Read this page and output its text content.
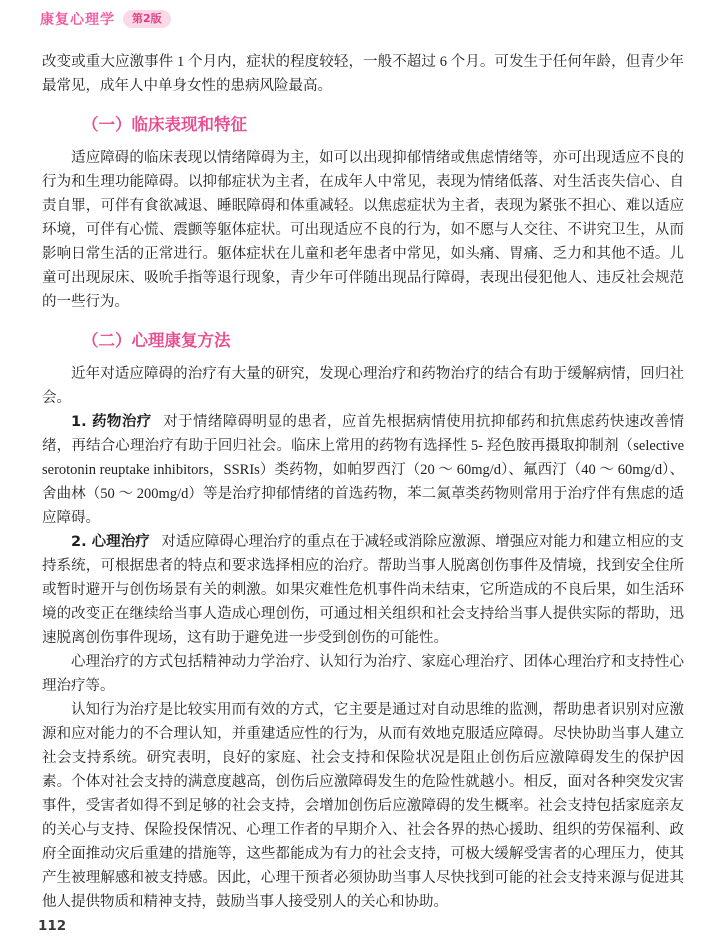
康复心理学	第2版

改变或重大应激事件 1 个月内，症状的程度较轻，一般不超过 6 个月。可发生于任何年龄，但青少年最常见，成年人中单身女性的患病风险最高。

（一）临床表现和特征

适应障碍的临床表现以情绪障碍为主，如可以出现抑郁情绪或焦虑情绪等，亦可出现适应不良的行为和生理功能障碍。以抑郁症状为主者，在成年人中常见，表现为情绪低落、对生活丧失信心、自责自罪，可伴有食欲减退、睡眠障碍和体重减轻。以焦虑症状为主者，表现为紧张不担心、难以适应环境，可伴有心慌、震颤等躯体症状。可出现适应不良的行为，如不愿与人交往、不讲究卫生，从而影响日常生活的正常进行。躯体症状在儿童和老年患者中常见，如头痛、胃痛、乏力和其他不适。儿童可出现尿床、吸吮手指等退行现象，青少年可伴随出现品行障碍，表现出侵犯他人、违反社会规范的一些行为。

（二）心理康复方法

近年对适应障碍的治疗有大量的研究，发现心理治疗和药物治疗的结合有助于缓解病情，回归社会。

1. 药物治疗 对于情绪障碍明显的患者，应首先根据病情使用抗抑郁药和抗焦虑药快速改善情绪，再结合心理治疗有助于回归社会。临床上常用的药物有选择性 5- 羟色胺再摄取抑制剂（selective serotonin reuptake inhibitors，SSRIs）类药物，如帕罗西汀（20 ～ 60mg/d）、氟西汀（40 ～ 60mg/d）、舍曲林（50 ～ 200mg/d）等是治疗抑郁情绪的首选药物，苯二氮䓬类药物则常用于治疗伴有焦虑的适应障碍。

2. 心理治疗 对适应障碍心理治疗的重点在于减轻或消除应激源、增强应对能力和建立相应的支持系统，可根据患者的特点和要求选择相应的治疗。帮助当事人脱离创伤事件及情境，找到安全住所或暂时避开与创伤场景有关的刺激。如果灾难性危机事件尚未结束，它所造成的不良后果，如生活环境的改变正在继续给当事人造成心理创伤，可通过相关组织和社会支持给当事人提供实际的帮助，迅速脱离创伤事件现场，这有助于避免进一步受到创伤的可能性。

心理治疗的方式包括精神动力学治疗、认知行为治疗、家庭心理治疗、团体心理治疗和支持性心理治疗等。

认知行为治疗是比较实用而有效的方式，它主要是通过对自动思维的监测，帮助患者识别对应激源和应对能力的不合理认知，并重建适应性的行为，从而有效地克服适应障碍。尽快协助当事人建立社会支持系统。研究表明，良好的家庭、社会支持和保险状况是阻止创伤后应激障碍发生的保护因素。个体对社会支持的满意度越高，创伤后应激障碍发生的危险性就越小。相反，面对各种突发灾害事件，受害者如得不到足够的社会支持，会增加创伤后应激障碍的发生概率。社会支持包括家庭亲友的关心与支持、保险投保情况、心理工作者的早期介入、社会各界的热心援助、组织的劳保福利、政府全面推动灾后重建的措施等，这些都能成为有力的社会支持，可极大缓解受害者的心理压力，使其产生被理解感和被支持感。因此，心理干预者必须协助当事人尽快找到可能的社会支持来源与促进其他人提供物质和精神支持，鼓励当事人接受别人的关心和协助。

112
